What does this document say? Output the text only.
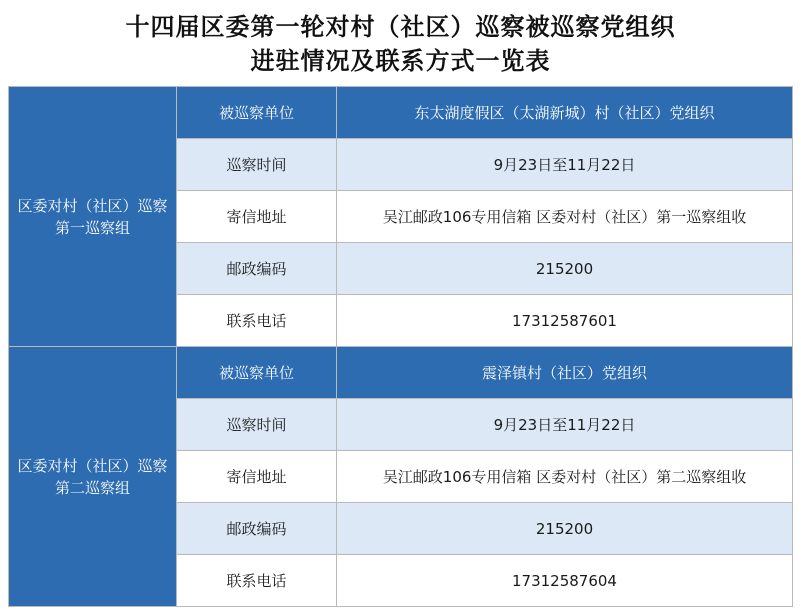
十四届区委第一轮对村（社区）巡察被巡察党组织
进驻情况及联系方式一览表
区委对村（社区）巡察第一巡察组	被巡察单位	东太湖度假区（太湖新城）村（社区）党组织
	巡察时间	9月23日至11月22日
	寄信地址	吴江邮政106专用信箱 区委对村（社区）第一巡察组收
	邮政编码	215200
	联系电话	17312587601
区委对村（社区）巡察第二巡察组	被巡察单位	震泽镇村（社区）党组织
	巡察时间	9月23日至11月22日
	寄信地址	吴江邮政106专用信箱 区委对村（社区）第二巡察组收
	邮政编码	215200
	联系电话	17312587604
